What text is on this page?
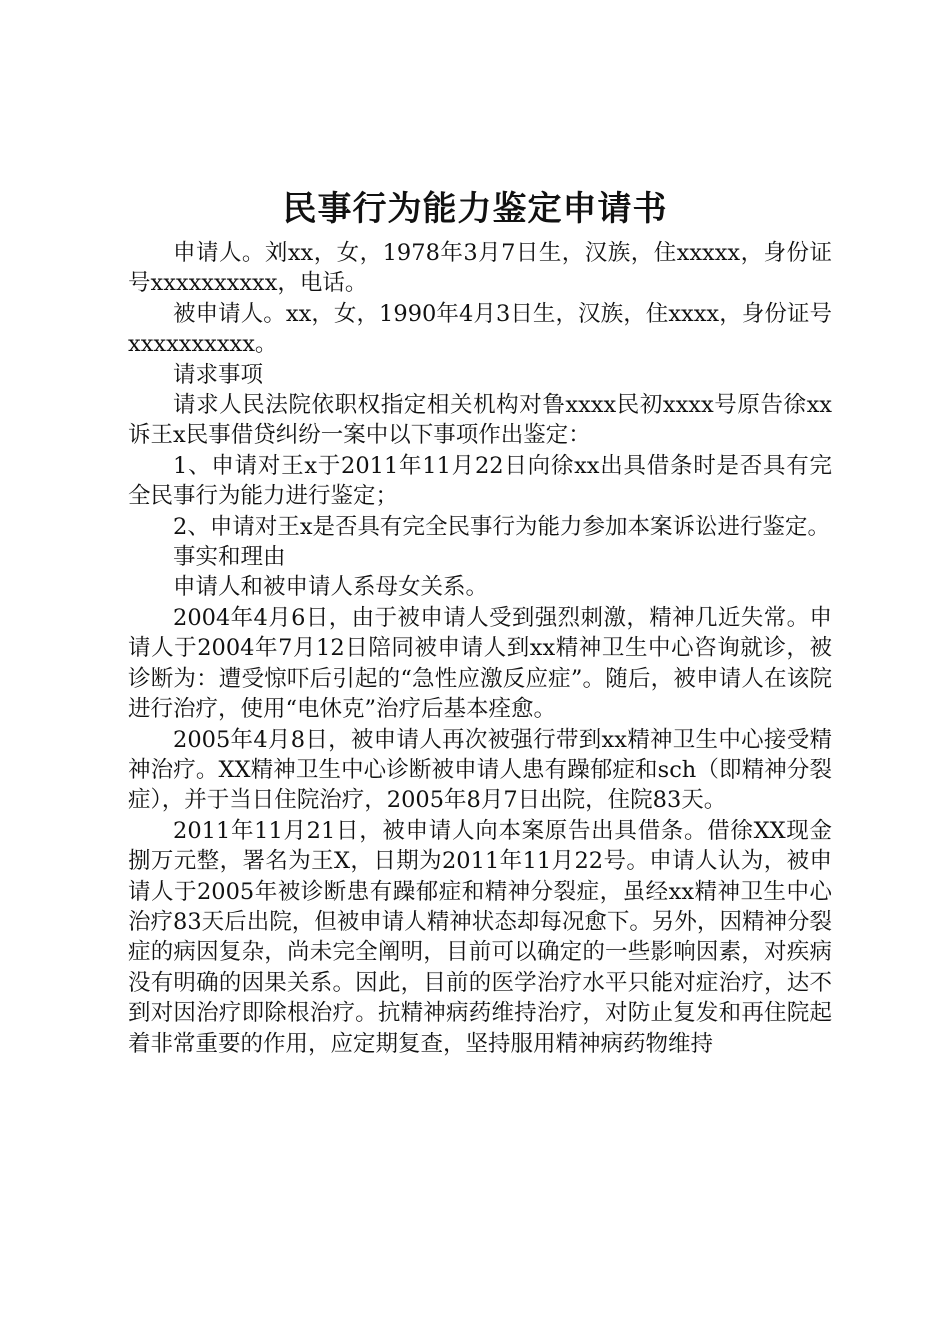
民事行为能力鉴定申请书

申请人。刘xx，女，1978年3月7日生，汉族，住xxxxx，身份证号xxxxxxxxxx，电话。

被申请人。xx，女，1990年4月3日生，汉族，住xxxx，身份证号xxxxxxxxxx。

请求事项

请求人民法院依职权指定相关机构对鲁xxxx民初xxxx号原告徐xx诉王x民事借贷纠纷一案中以下事项作出鉴定：

1、申请对王x于2011年11月22日向徐xx出具借条时是否具有完全民事行为能力进行鉴定；

2、申请对王x是否具有完全民事行为能力参加本案诉讼进行鉴定。

事实和理由

申请人和被申请人系母女关系。

2004年4月6日，由于被申请人受到强烈刺激，精神几近失常。申请人于2004年7月12日陪同被申请人到xx精神卫生中心咨询就诊，被诊断为：遭受惊吓后引起的“急性应激反应症”。随后，被申请人在该院进行治疗，使用“电休克”治疗后基本痊愈。

2005年4月8日，被申请人再次被强行带到xx精神卫生中心接受精神治疗。XX精神卫生中心诊断被申请人患有躁郁症和sch（即精神分裂症），并于当日住院治疗，2005年8月7日出院，住院83天。

2011年11月21日，被申请人向本案原告出具借条。借徐XX现金捌万元整，署名为王X，日期为2011年11月22号。申请人认为，被申请人于2005年被诊断患有躁郁症和精神分裂症，虽经xx精神卫生中心治疗83天后出院，但被申请人精神状态却每况愈下。另外，因精神分裂症的病因复杂，尚未完全阐明，目前可以确定的一些影响因素，对疾病没有明确的因果关系。因此，目前的医学治疗水平只能对症治疗，达不到对因治疗即除根治疗。抗精神病药维持治疗，对防止复发和再住院起着非常重要的作用，应定期复查，坚持服用精神病药物维持
